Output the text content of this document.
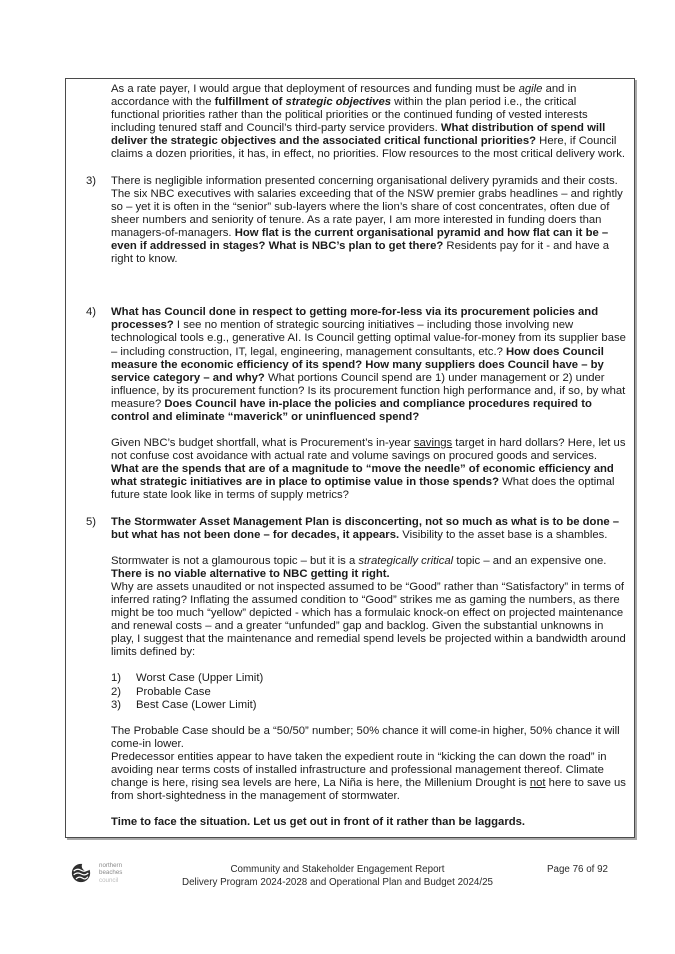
As a rate payer, I would argue that deployment of resources and funding must be agile and in accordance with the fulfillment of strategic objectives within the plan period i.e., the critical functional priorities rather than the political priorities or the continued funding of vested interests including tenured staff and Council’s third-party service providers. What distribution of spend will deliver the strategic objectives and the associated critical functional priorities? Here, if Council claims a dozen priorities, it has, in effect, no priorities. Flow resources to the most critical delivery work.
3) There is negligible information presented concerning organisational delivery pyramids and their costs. The six NBC executives with salaries exceeding that of the NSW premier grabs headlines – and rightly so – yet it is often in the “senior” sub-layers where the lion’s share of cost concentrates, often due of sheer numbers and seniority of tenure. As a rate payer, I am more interested in funding doers than managers-of-managers. How flat is the current organisational pyramid and how flat can it be – even if addressed in stages? What is NBC’s plan to get there? Residents pay for it - and have a right to know.
4) What has Council done in respect to getting more-for-less via its procurement policies and processes? I see no mention of strategic sourcing initiatives – including those involving new technological tools e.g., generative AI. Is Council getting optimal value-for-money from its supplier base – including construction, IT, legal, engineering, management consultants, etc.? How does Council measure the economic efficiency of its spend? How many suppliers does Council have – by service category – and why? What portions Council spend are 1) under management or 2) under influence, by its procurement function? Is its procurement function high performance and, if so, by what measure? Does Council have in-place the policies and compliance procedures required to control and eliminate “maverick” or uninfluenced spend?
Given NBC’s budget shortfall, what is Procurement’s in-year savings target in hard dollars? Here, let us not confuse cost avoidance with actual rate and volume savings on procured goods and services.
What are the spends that are of a magnitude to “move the needle” of economic efficiency and what strategic initiatives are in place to optimise value in those spends? What does the optimal future state look like in terms of supply metrics?
5) The Stormwater Asset Management Plan is disconcerting, not so much as what is to be done – but what has not been done – for decades, it appears. Visibility to the asset base is a shambles.
Stormwater is not a glamourous topic – but it is a strategically critical topic – and an expensive one.
There is no viable alternative to NBC getting it right.
Why are assets unaudited or not inspected assumed to be “Good” rather than “Satisfactory” in terms of inferred rating? Inflating the assumed condition to “Good” strikes me as gaming the numbers, as there might be too much “yellow” depicted - which has a formulaic knock-on effect on projected maintenance and renewal costs – and a greater “unfunded” gap and backlog. Given the substantial unknowns in play, I suggest that the maintenance and remedial spend levels be projected within a bandwidth around limits defined by:
1) Worst Case (Upper Limit)
2) Probable Case
3) Best Case (Lower Limit)
The Probable Case should be a “50/50” number; 50% chance it will come-in higher, 50% chance it will come-in lower.
Predecessor entities appear to have taken the expedient route in “kicking the can down the road” in avoiding near terms costs of installed infrastructure and professional management thereof. Climate change is here, rising sea levels are here, La Niña is here, the Millenium Drought is not here to save us from short-sightedness in the management of stormwater.
Time to face the situation. Let us get out in front of it rather than be laggards.
northern
beaches
council
Community and Stakeholder Engagement Report
Delivery Program 2024-2028 and Operational Plan and Budget 2024/25
Page 76 of 92
